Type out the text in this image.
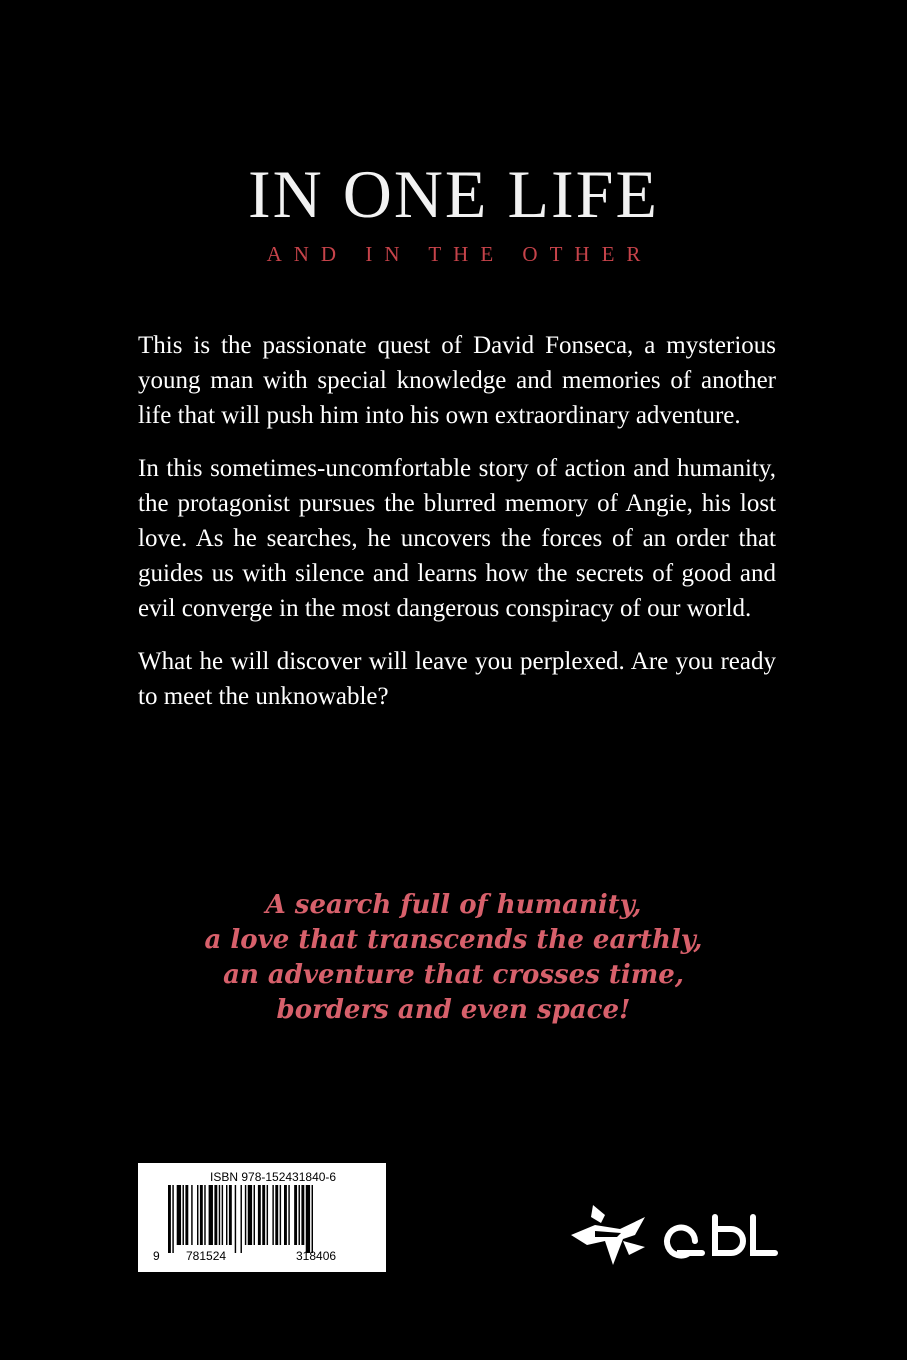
IN ONE LIFE
AND IN THE OTHER

This is the passionate quest of David Fonseca, a mysterious young man with special knowledge and memories of another life that will push him into his own extraordinary adventure.

In this sometimes-uncomfortable story of action and humanity, the protagonist pursues the blurred memory of Angie, his lost love. As he searches, he uncovers the forces of an order that guides us with silence and learns how the secrets of good and evil converge in the most dangerous conspiracy of our world.

What he will discover will leave you perplexed. Are you ready to meet the unknowable?

A search full of humanity,
a love that transcends the earthly,
an adventure that crosses time,
borders and even space!
ISBN 978-152431840-6
9 781524	318406
